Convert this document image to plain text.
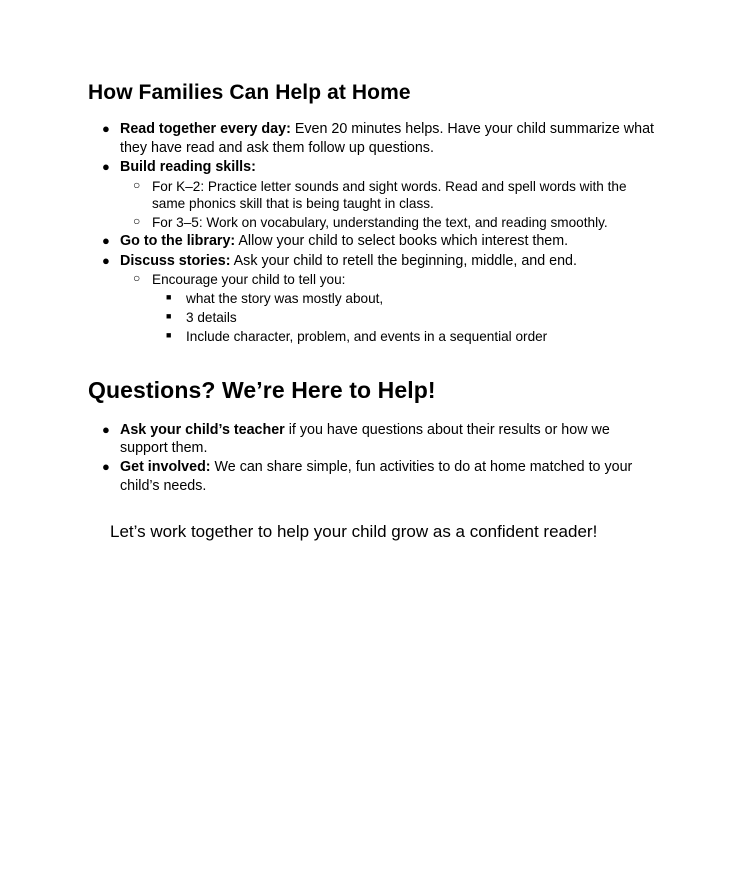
How Families Can Help at Home
● Read together every day: Even 20 minutes helps. Have your child summarize what they have read and ask them follow up questions.
● Build reading skills:
○ For K–2: Practice letter sounds and sight words. Read and spell words with the same phonics skill that is being taught in class.
○ For 3–5: Work on vocabulary, understanding the text, and reading smoothly.
● Go to the library: Allow your child to select books which interest them.
● Discuss stories: Ask your child to retell the beginning, middle, and end.
○ Encourage your child to tell you:
■ what the story was mostly about,
■ 3 details
■ Include character, problem, and events in a sequential order
Questions? We’re Here to Help!
● Ask your child’s teacher if you have questions about their results or how we support them.
● Get involved: We can share simple, fun activities to do at home matched to your child’s needs.

Let’s work together to help your child grow as a confident reader!
